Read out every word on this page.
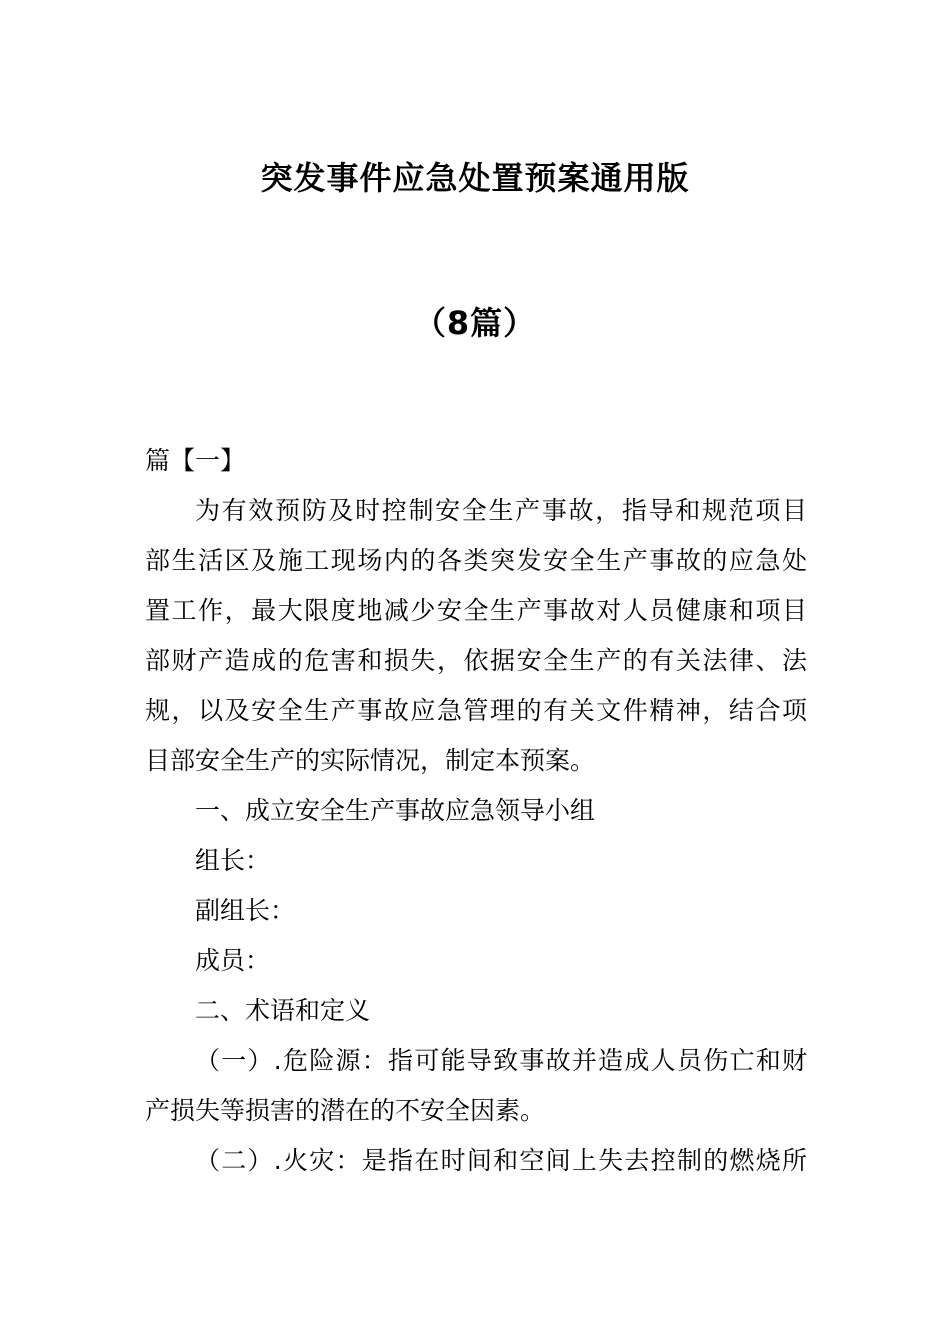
突发事件应急处置预案通用版
（8篇）

篇【一】

为有效预防及时控制安全生产事故，指导和规范项目
部生活区及施工现场内的各类突发安全生产事故的应急处
置工作，最大限度地减少安全生产事故对人员健康和项目
部财产造成的危害和损失，依据安全生产的有关法律、法
规，以及安全生产事故应急管理的有关文件精神，结合项
目部安全生产的实际情况，制定本预案。

一、成立安全生产事故应急领导小组

组长：

副组长：

成员：

二、术语和定义

（一）.危险源：指可能导致事故并造成人员伤亡和财
产损失等损害的潜在的不安全因素。

（二）.火灾：是指在时间和空间上失去控制的燃烧所
